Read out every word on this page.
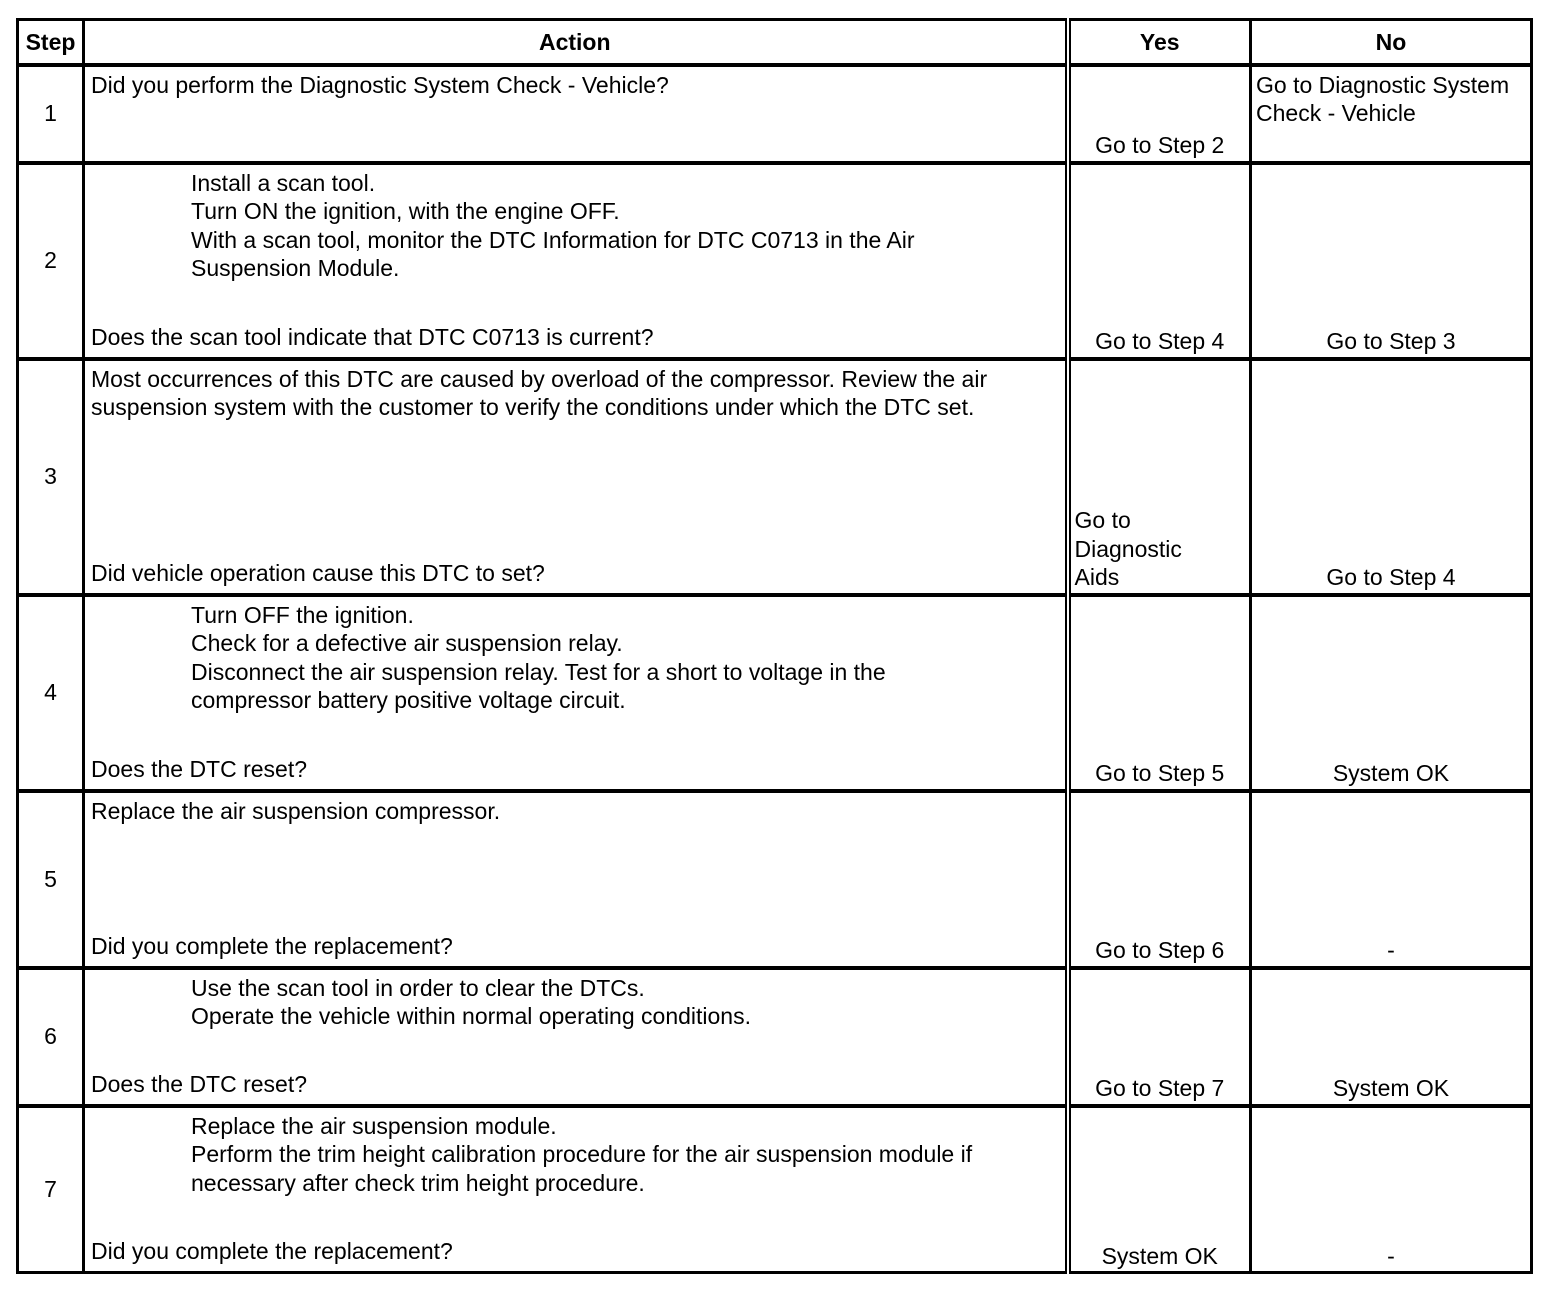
Step	Action	Yes	No
1	Did you perform the Diagnostic System Check - Vehicle?	Go to Step 2	Go to Diagnostic System Check - Vehicle
2	Install a scan tool.
Turn ON the ignition, with the engine OFF.
With a scan tool, monitor the DTC Information for DTC C0713 in the Air Suspension Module.
Does the scan tool indicate that DTC C0713 is current?	Go to Step 4	Go to Step 3
3	Most occurrences of this DTC are caused by overload of the compressor. Review the air suspension system with the customer to verify the conditions under which the DTC set.
Did vehicle operation cause this DTC to set?	Go to Diagnostic Aids	Go to Step 4
4	Turn OFF the ignition.
Check for a defective air suspension relay.
Disconnect the air suspension relay. Test for a short to voltage in the compressor battery positive voltage circuit.
Does the DTC reset?	Go to Step 5	System OK
5	Replace the air suspension compressor.
Did you complete the replacement?	Go to Step 6	-
6	Use the scan tool in order to clear the DTCs.
Operate the vehicle within normal operating conditions.
Does the DTC reset?	Go to Step 7	System OK
7	Replace the air suspension module.
Perform the trim height calibration procedure for the air suspension module if necessary after check trim height procedure.
Did you complete the replacement?	System OK	-
